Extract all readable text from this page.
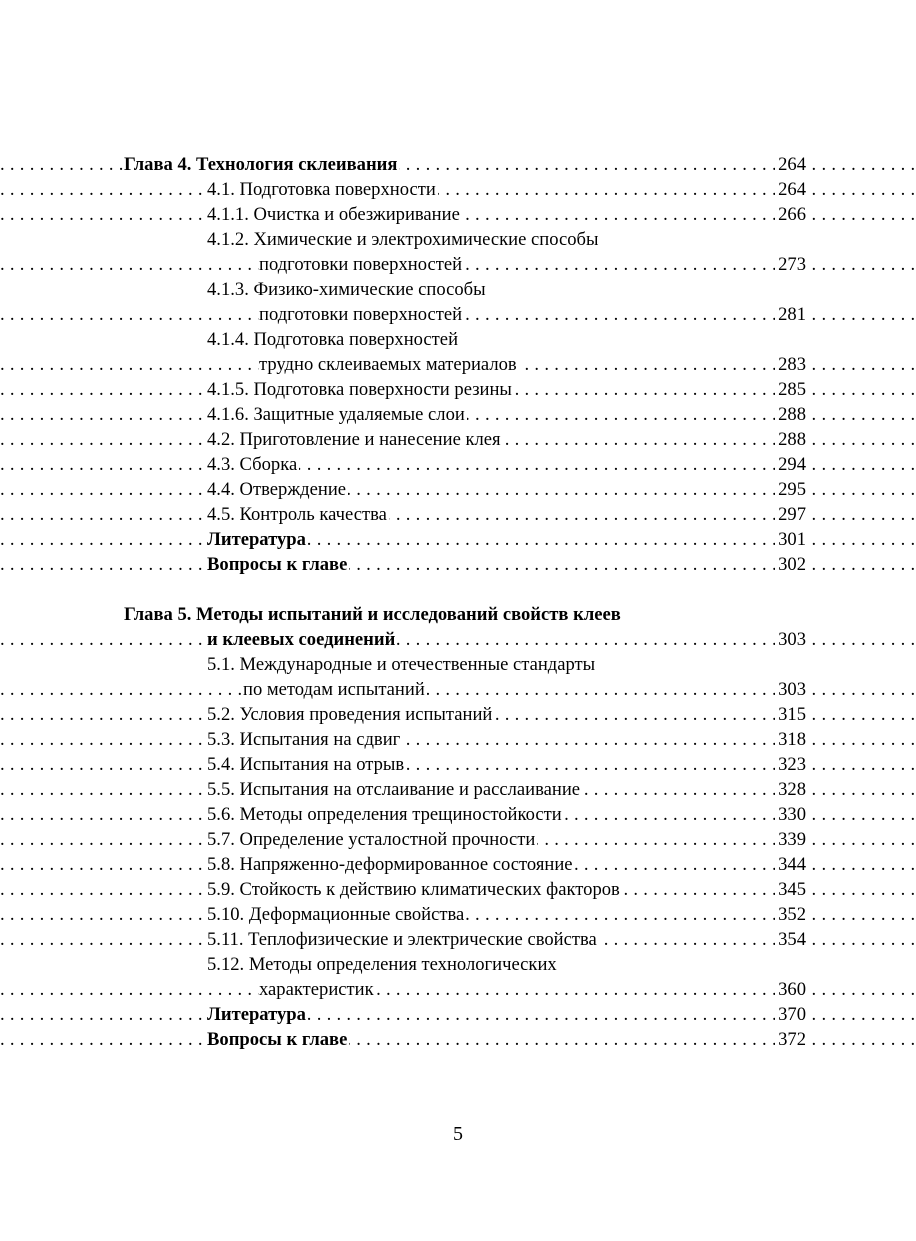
Глава 4. Технология склеивания	264
. . .
4.1. Подготовка поверхности	264
. . .
4.1.1. Очистка и обезжиривание	266
. . .
4.1.2. Химические и электрохимические способы
подготовки поверхностей	273
. . .
4.1.3. Физико-химические способы
подготовки поверхностей	281
. . .
4.1.4. Подготовка поверхностей
трудно склеиваемых материалов	283
. . .
4.1.5. Подготовка поверхности резины	285
. . .
4.1.6. Защитные удаляемые слои	288
. . .
4.2. Приготовление и нанесение клея	288
. . .
4.3. Сборка	294
. . .
4.4. Отверждение	295
. . .
4.5. Контроль качества	297
. . .
Литература	301
. . .
Вопросы к главе	302
. . .
Глава 5. Методы испытаний и исследований свойств клеев
и клеевых соединений	303
. . .
5.1. Международные и отечественные стандарты
по методам испытаний	303
. . .
5.2. Условия проведения испытаний	315
. . .
5.3. Испытания на сдвиг	318
. . .
5.4. Испытания на отрыв	323
. . .
5.5. Испытания на отслаивание и расслаивание	328
. . .
5.6. Методы определения трещиностойкости	330
. . .
5.7. Определение усталостной прочности	339
. . .
5.8. Напряженно-деформированное состояние	344
. . .
5.9. Стойкость к действию климатических факторов	345
. . .
5.10. Деформационные свойства	352
. . .
5.11. Теплофизические и электрические свойства	354
. . .
5.12. Методы определения технологических
характеристик	360
. . .
Литература	370
. . .
Вопросы к главе	372
. . .
5
